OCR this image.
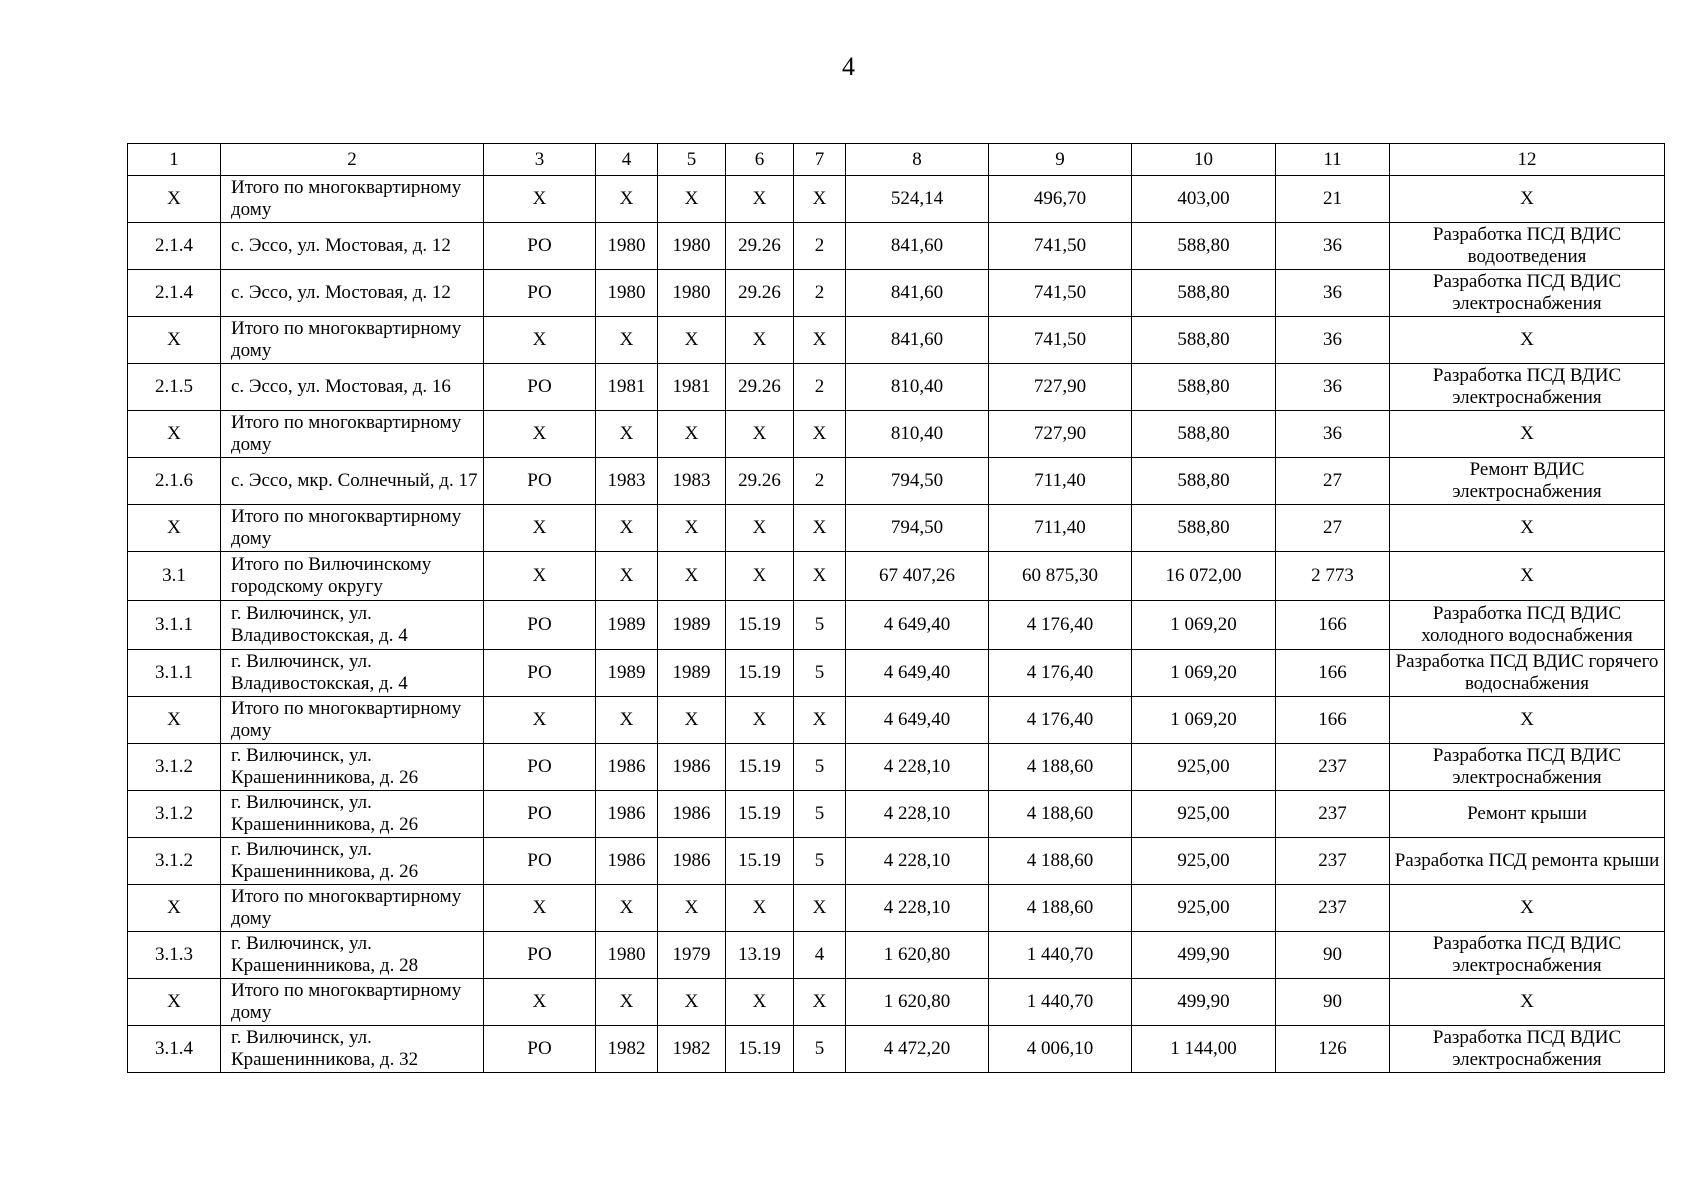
4
1	2	3	4	5	6	7	8	9	10	11	12
Х	Итого по многоквартирному дому	Х	Х	Х	Х	Х	524,14	496,70	403,00	21	Х
2.1.4	с. Эссо, ул. Мостовая, д. 12	РО	1980	1980	29.26	2	841,60	741,50	588,80	36	Разработка ПСД ВДИС водоотведения
2.1.4	с. Эссо, ул. Мостовая, д. 12	РО	1980	1980	29.26	2	841,60	741,50	588,80	36	Разработка ПСД ВДИС электроснабжения
Х	Итого по многоквартирному дому	Х	Х	Х	Х	Х	841,60	741,50	588,80	36	Х
2.1.5	с. Эссо, ул. Мостовая, д. 16	РО	1981	1981	29.26	2	810,40	727,90	588,80	36	Разработка ПСД ВДИС электроснабжения
Х	Итого по многоквартирному дому	Х	Х	Х	Х	Х	810,40	727,90	588,80	36	Х
2.1.6	с. Эссо, мкр. Солнечный, д. 17	РО	1983	1983	29.26	2	794,50	711,40	588,80	27	Ремонт ВДИС электроснабжения
Х	Итого по многоквартирному дому	Х	Х	Х	Х	Х	794,50	711,40	588,80	27	Х
3.1	Итого по Вилючинскому городскому округу	Х	Х	Х	Х	Х	67 407,26	60 875,30	16 072,00	2 773	Х
3.1.1	г. Вилючинск, ул. Владивостокская, д. 4	РО	1989	1989	15.19	5	4 649,40	4 176,40	1 069,20	166	Разработка ПСД ВДИС холодного водоснабжения
3.1.1	г. Вилючинск, ул. Владивостокская, д. 4	РО	1989	1989	15.19	5	4 649,40	4 176,40	1 069,20	166	Разработка ПСД ВДИС горячего водоснабжения
Х	Итого по многоквартирному дому	Х	Х	Х	Х	Х	4 649,40	4 176,40	1 069,20	166	Х
3.1.2	г. Вилючинск, ул. Крашенинникова, д. 26	РО	1986	1986	15.19	5	4 228,10	4 188,60	925,00	237	Разработка ПСД ВДИС электроснабжения
3.1.2	г. Вилючинск, ул. Крашенинникова, д. 26	РО	1986	1986	15.19	5	4 228,10	4 188,60	925,00	237	Ремонт крыши
3.1.2	г. Вилючинск, ул. Крашенинникова, д. 26	РО	1986	1986	15.19	5	4 228,10	4 188,60	925,00	237	Разработка ПСД ремонта крыши
Х	Итого по многоквартирному дому	Х	Х	Х	Х	Х	4 228,10	4 188,60	925,00	237	Х
3.1.3	г. Вилючинск, ул. Крашенинникова, д. 28	РО	1980	1979	13.19	4	1 620,80	1 440,70	499,90	90	Разработка ПСД ВДИС электроснабжения
Х	Итого по многоквартирному дому	Х	Х	Х	Х	Х	1 620,80	1 440,70	499,90	90	Х
3.1.4	г. Вилючинск, ул. Крашенинникова, д. 32	РО	1982	1982	15.19	5	4 472,20	4 006,10	1 144,00	126	Разработка ПСД ВДИС электроснабжения
